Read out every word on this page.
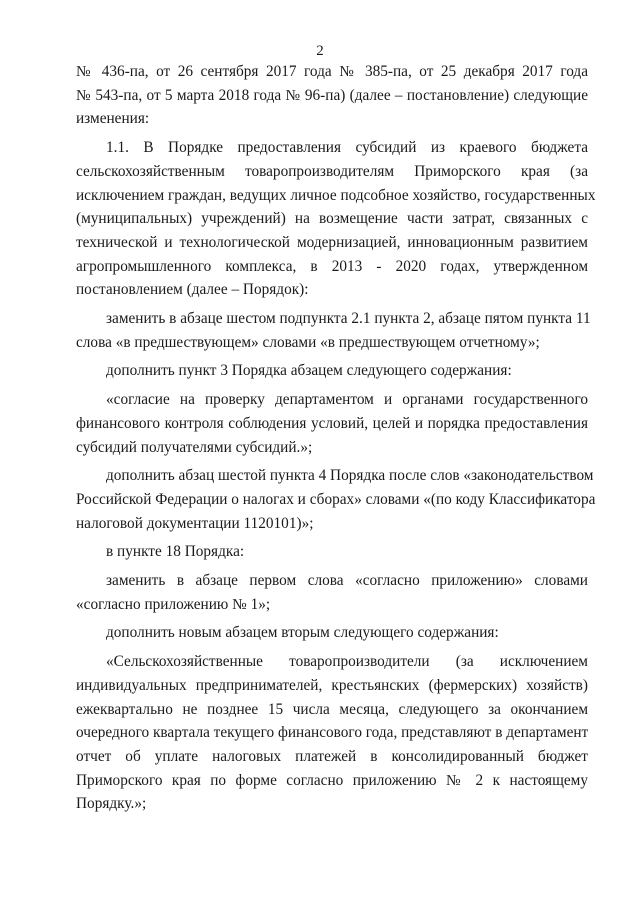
2

№ 436-па, от 26 сентября 2017 года № 385-па, от 25 декабря 2017 года
№ 543-па, от 5 марта 2018 года № 96-па) (далее – постановление) следующие
изменения:

1.1. В Порядке предоставления субсидий из краевого бюджета
сельскохозяйственным товаропроизводителям Приморского края (за
исключением граждан, ведущих личное подсобное хозяйство, государственных
(муниципальных) учреждений) на возмещение части затрат, связанных с
технической и технологической модернизацией, инновационным развитием
агропромышленного комплекса, в 2013 - 2020 годах, утвержденном
постановлением (далее – Порядок):

заменить в абзаце шестом подпункта 2.1 пункта 2, абзаце пятом пункта 11
слова «в предшествующем» словами «в предшествующем отчетному»;

дополнить пункт 3 Порядка абзацем следующего содержания:

«согласие на проверку департаментом и органами государственного
финансового контроля соблюдения условий, целей и порядка предоставления
субсидий получателями субсидий.»;

дополнить абзац шестой пункта 4 Порядка после слов «законодательством
Российской Федерации о налогах и сборах» словами «(по коду Классификатора
налоговой документации 1120101)»;

в пункте 18 Порядка:

заменить в абзаце первом слова «согласно приложению» словами
«согласно приложению № 1»;

дополнить новым абзацем вторым следующего содержания:

«Сельскохозяйственные товаропроизводители (за исключением
индивидуальных предпринимателей, крестьянских (фермерских) хозяйств)
ежеквартально не позднее 15 числа месяца, следующего за окончанием
очередного квартала текущего финансового года, представляют в департамент
отчет об уплате налоговых платежей в консолидированный бюджет
Приморского края по форме согласно приложению № 2 к настоящему
Порядку.»;
